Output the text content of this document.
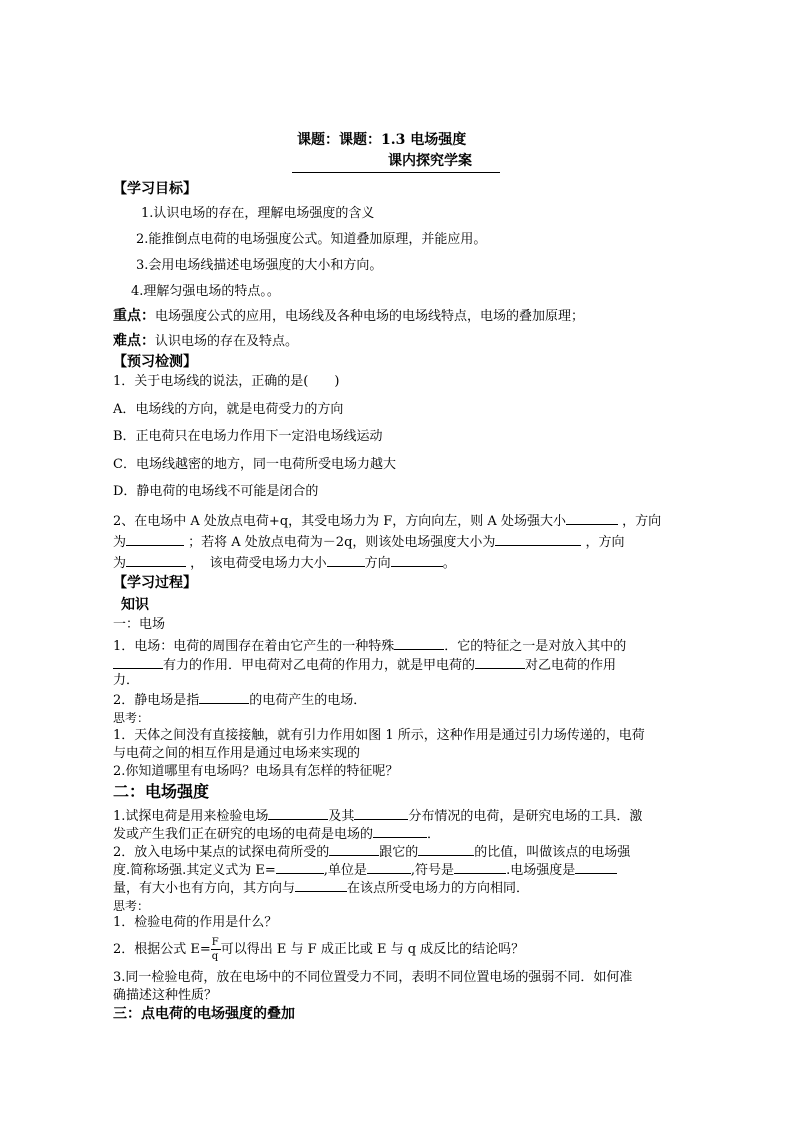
课题：课题：1.3 电场强度
课内探究学案
【学习目标】
1.认识电场的存在，理解电场强度的含义
2.能推倒点电荷的电场强度公式。知道叠加原理，并能应用。
3.会用电场线描述电场强度的大小和方向。
4.理解匀强电场的特点。。
重点：电场强度公式的应用，电场线及各种电场的电场线特点，电场的叠加原理；
难点：认识电场的存在及特点。
【预习检测】
1．关于电场线的说法，正确的是(　　)
A．电场线的方向，就是电荷受力的方向
B．正电荷只在电场力作用下一定沿电场线运动
C．电场线越密的地方，同一电荷所受电场力越大
D．静电荷的电场线不可能是闭合的
2、在电场中 A 处放点电荷+q，其受电场力为 F，方向向左，则 A 处场强大小	，方向
为	；若将 A 处放点电荷为－2q，则该处电场强度大小为	，方向
为	，　该电荷受电场力大小	方向	。
【学习过程】
知识
一：电场
1．电场：电荷的周围存在着由它产生的一种特殊	．它的特征之一是对放入其中的
有力的作用．甲电荷对乙电荷的作用力，就是甲电荷的	对乙电荷的作用
力．
2．静电场是指	的电荷产生的电场．
思考：
1．天体之间没有直接接触，就有引力作用如图 1 所示，这种作用是通过引力场传递的，电荷
与电荷之间的相互作用是通过电场来实现的
2.你知道哪里有电场吗？电场具有怎样的特征呢？
二：电场强度
1.试探电荷是用来检验电场	及其	分布情况的电荷，是研究电场的工具．激
发或产生我们正在研究的电场的电荷是电场的	．
2．放入电场中某点的试探电荷所受的	跟它的	的比值，叫做该点的电场强
度.简称场强.其定义式为 E=	,单位是	,符号是	.电场强度是
量，有大小也有方向，其方向与	在该点所受电场力的方向相同．
思考：
1．检验电荷的作用是什么？
2．根据公式 $E= \frac{F}{q}$ 可以得出 E 与 F 成正比或 E 与 q 成反比的结论吗？
3.同一检验电荷，放在电场中的不同位置受力不同，表明不同位置电场的强弱不同．如何准
确描述这种性质？
三：点电荷的电场强度的叠加
